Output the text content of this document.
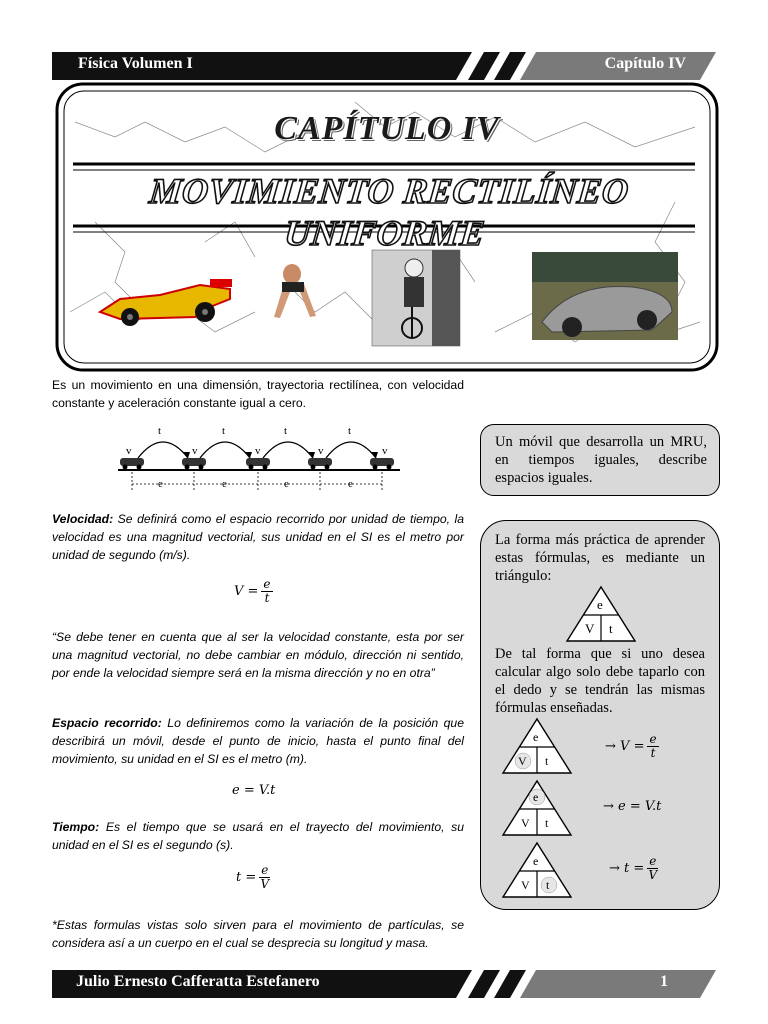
Física Volumen I	Capítulo IV
CAPÍTULO IV
MOVIMIENTO RECTILÍNEO UNIFORME
Es un movimiento en una dimensión, trayectoria rectilínea, con velocidad constante y aceleración constante igual a cero.
t	t	t	t
v	v	v	v	v
e	e	e	e
Velocidad: Se definirá como el espacio recorrido por unidad de tiempo, la velocidad es una magnitud vectorial, sus unidad en el SI es el metro por unidad de segundo (m/s).
$V = \frac{e}{t}$
“Se debe tener en cuenta que al ser la velocidad constante, esta por ser una magnitud vectorial, no debe cambiar en módulo, dirección ni sentido, por ende la velocidad siempre será en la misma dirección y no en otra”
Espacio recorrido: Lo definiremos como la variación de la posición que describirá un móvil, desde el punto de inicio, hasta el punto final del movimiento, su unidad en el SI es el metro (m).
e = V.t
Tiempo: Es el tiempo que se usará en el trayecto del movimiento, su unidad en el SI es el segundo (s).
$t = \frac{e}{V}$
*Estas formulas vistas solo sirven para el movimiento de partículas, se considera así a un cuerpo en el cual se desprecia su longitud y masa.

Un móvil que desarrolla un MRU, en tiempos iguales, describe espacios iguales.

La forma más práctica de aprender estas fórmulas, es mediante un triángulo:
e
V t
De tal forma que si uno desea calcular algo solo debe taparlo con el dedo y se tendrán las mismas fórmulas enseñadas.
e
V t
→ $V = \frac{e}{t}$
e
V t
→ e = V.t
e
V t
→ $t = \frac{e}{V}$
Julio Ernesto Cafferatta Estefanero	1
